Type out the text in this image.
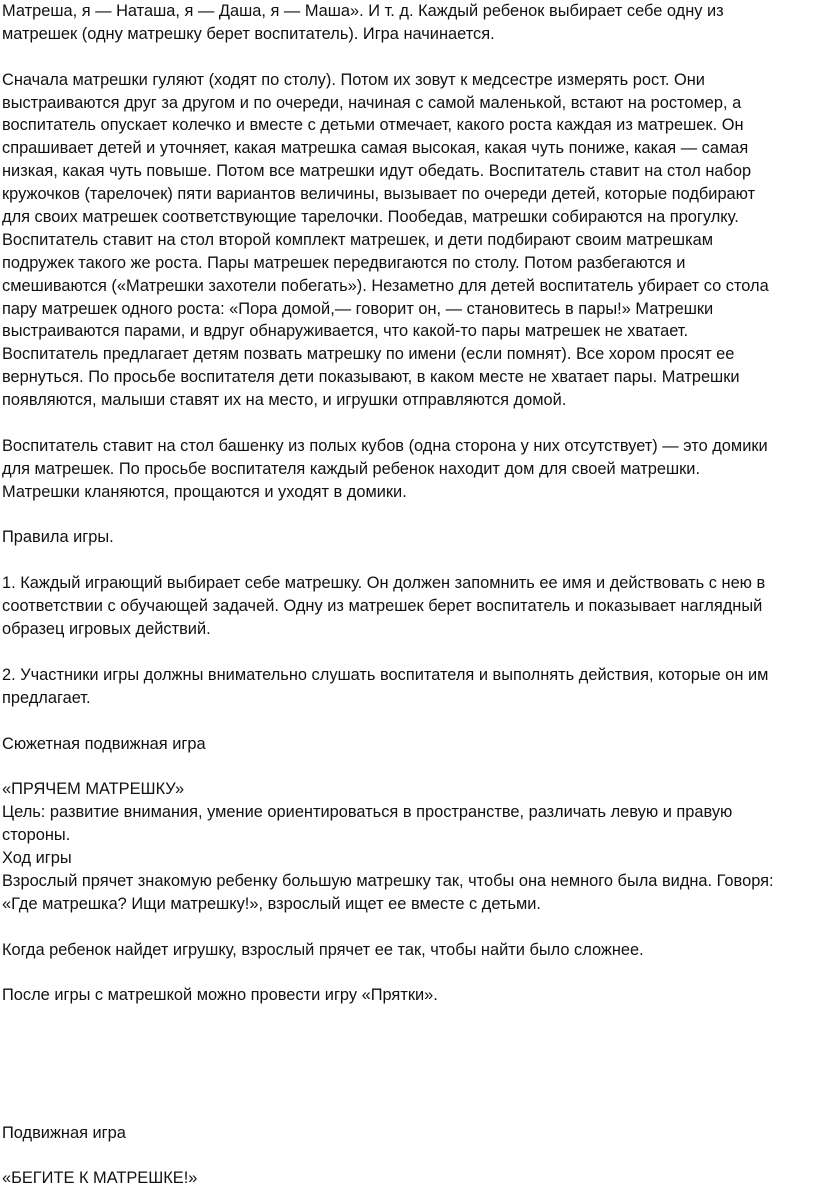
Матреша, я — Наташа, я — Даша, я — Маша». И т. д. Каждый ребенок выбирает себе одну из
матрешек (одну матрешку берет воспитатель). Игра начинается.
Сначала матрешки гуляют (ходят по столу). Потом их зовут к медсестре измерять рост. Они
выстраиваются друг за другом и по очереди, начиная с самой маленькой, встают на ростомер, а
воспитатель опускает колечко и вместе с детьми отмечает, какого роста каждая из матрешек. Он
спрашивает детей и уточняет, какая матрешка самая высокая, какая чуть пониже, какая — самая
низкая, какая чуть повыше. Потом все матрешки идут обедать. Воспитатель ставит на стол набор
кружочков (тарелочек) пяти вариантов величины, вызывает по очереди детей, которые подбирают
для своих матрешек соответствующие тарелочки. Пообедав, матрешки собираются на прогулку.
Воспитатель ставит на стол второй комплект матрешек, и дети подбирают своим матрешкам
подружек такого же роста. Пары матрешек передвигаются по столу. Потом разбегаются и
смешиваются («Матрешки захотели побегать»). Незаметно для детей воспитатель убирает со стола
пару матрешек одного роста: «Пора домой,— говорит он, — становитесь в пары!» Матрешки
выстраиваются парами, и вдруг обнаруживается, что какой-то пары матрешек не хватает.
Воспитатель предлагает детям позвать матрешку по имени (если помнят). Все хором просят ее
вернуться. По просьбе воспитателя дети показывают, в каком месте не хватает пары. Матрешки
появляются, малыши ставят их на место, и игрушки отправляются домой.
Воспитатель ставит на стол башенку из полых кубов (одна сторона у них отсутствует) — это домики
для матрешек. По просьбе воспитателя каждый ребенок находит дом для своей матрешки.
Матрешки кланяются, прощаются и уходят в домики.
Правила игры.
1. Каждый играющий выбирает себе матрешку. Он должен запомнить ее имя и действовать с нею в
соответствии с обучающей задачей. Одну из матрешек берет воспитатель и показывает наглядный
образец игровых действий.
2. Участники игры должны внимательно слушать воспитателя и выполнять действия, которые он им
предлагает.
Сюжетная подвижная игра
«ПРЯЧЕМ МАТРЕШКУ»
Цель: развитие внимания, умение ориентироваться в пространстве, различать левую и правую
стороны.
Ход игры
Взрослый прячет знакомую ребенку большую матрешку так, чтобы она немного была видна. Говоря:
«Где матрешка? Ищи матрешку!», взрослый ищет ее вместе с детьми.
Когда ребенок найдет игрушку, взрослый прячет ее так, чтобы найти было сложнее.
После игры с матрешкой можно провести игру «Прятки».
Подвижная игра
«БЕГИТЕ К МАТРЕШКЕ!»
